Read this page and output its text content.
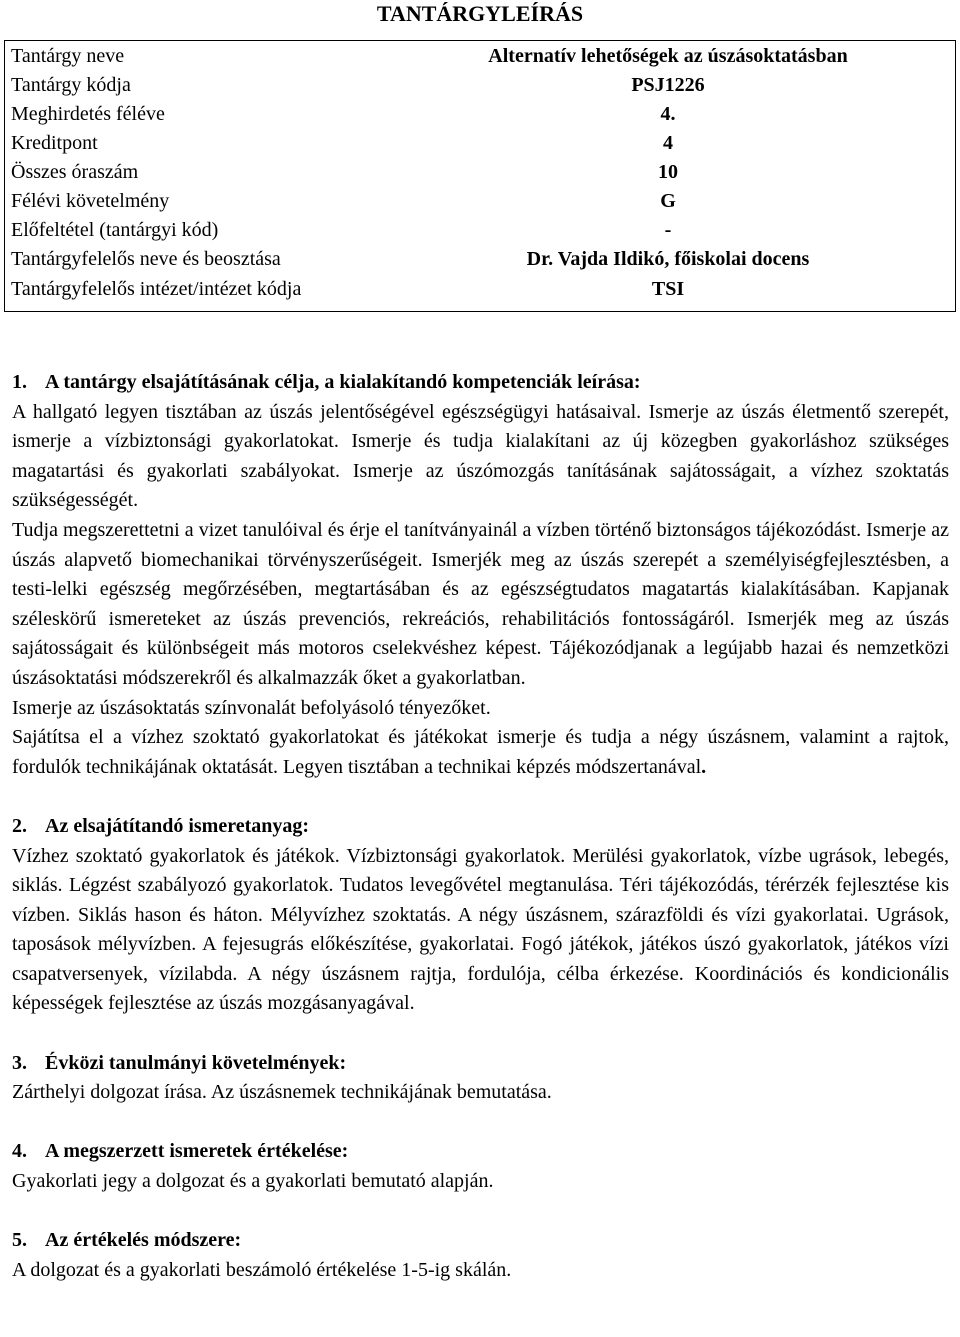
TANTÁRGYLEÍRÁS
Tantárgy neve	Alternatív lehetőségek az úszásoktatásban
Tantárgy kódja	PSJ1226
Meghirdetés féléve	4.
Kreditpont	4
Összes óraszám	10
Félévi követelmény	G
Előfeltétel (tantárgyi kód)	-
Tantárgyfelelős neve és beosztása	Dr. Vajda Ildikó, főiskolai docens
Tantárgyfelelős intézet/intézet kódja	TSI

1. A tantárgy elsajátításának célja, a kialakítandó kompetenciák leírása:

A hallgató legyen tisztában az úszás jelentőségével egészségügyi hatásaival. Ismerje az úszás életmentő szerepét, ismerje a vízbiztonsági gyakorlatokat. Ismerje és tudja kialakítani az új közegben gyakorláshoz szükséges magatartási és gyakorlati szabályokat. Ismerje az úszómozgás tanításának sajátosságait, a vízhez szoktatás szükségességét.

Tudja megszerettetni a vizet tanulóival és érje el tanítványainál a vízben történő biztonságos tájékozódást. Ismerje az úszás alapvető biomechanikai törvényszerűségeit. Ismerjék meg az úszás szerepét a személyiségfejlesztésben, a testi-lelki egészség megőrzésében, megtartásában és az egészségtudatos magatartás kialakításában. Kapjanak széleskörű ismereteket az úszás prevenciós, rekreációs, rehabilitációs fontosságáról. Ismerjék meg az úszás sajátosságait és különbségeit más motoros cselekvéshez képest. Tájékozódjanak a legújabb hazai és nemzetközi úszásoktatási módszerekről és alkalmazzák őket a gyakorlatban.

Ismerje az úszásoktatás színvonalát befolyásoló tényezőket.

Sajátítsa el a vízhez szoktató gyakorlatokat és játékokat ismerje és tudja a négy úszásnem, valamint a rajtok, fordulók technikájának oktatását. Legyen tisztában a technikai képzés módszertanával .

2. Az elsajátítandó ismeretanyag:

Vízhez szoktató gyakorlatok és játékok. Vízbiztonsági gyakorlatok. Merülési gyakorlatok, vízbe ugrások, lebegés, siklás. Légzést szabályozó gyakorlatok. Tudatos levegővétel megtanulása. Téri tájékozódás, térérzék fejlesztése kis vízben. Siklás hason és háton. Mélyvízhez szoktatás. A négy úszásnem, szárazföldi és vízi gyakorlatai. Ugrások, taposások mélyvízben. A fejesugrás előkészítése, gyakorlatai. Fogó játékok, játékos úszó gyakorlatok, játékos vízi csapatversenyek, vízilabda. A négy úszásnem rajtja, fordulója, célba érkezése. Koordinációs és kondicionális képességek fejlesztése az úszás mozgásanyagával.

3. Évközi tanulmányi követelmények:

Zárthelyi dolgozat írása. Az úszásnemek technikájának bemutatása.

4. A megszerzett ismeretek értékelése:

Gyakorlati jegy a dolgozat és a gyakorlati bemutató alapján.

5. Az értékelés módszere:

A dolgozat és a gyakorlati beszámoló értékelése 1-5-ig skálán.
